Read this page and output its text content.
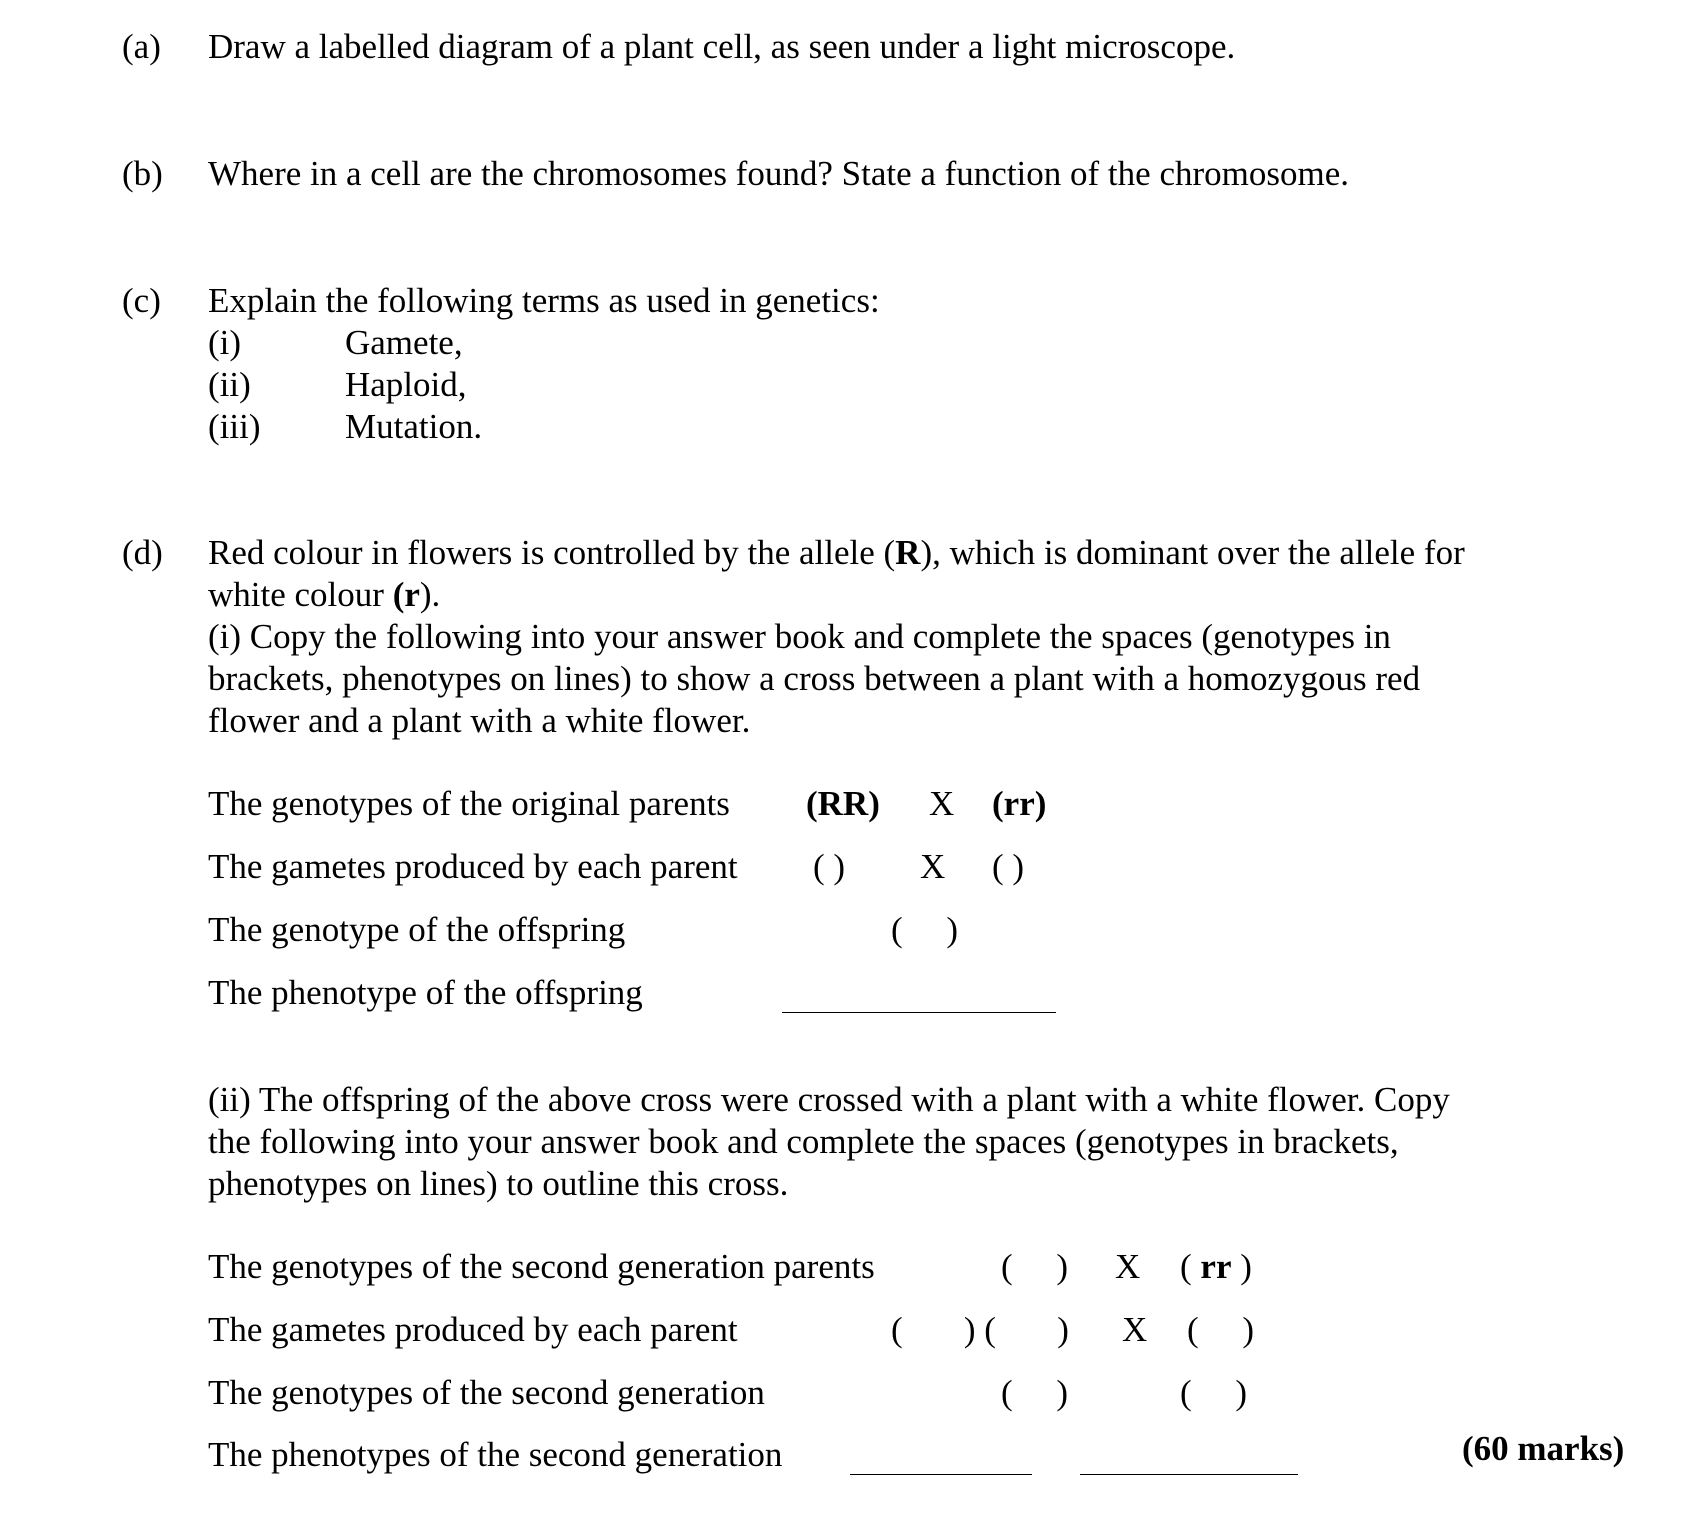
(a) Draw a labelled diagram of a plant cell, as seen under a light microscope.
(b) Where in a cell are the chromosomes found? State a function of the chromosome.
(c) Explain the following terms as used in genetics:
(i)	Gamete,
(ii)	Haploid,
(iii) Mutation.
(d) Red colour in flowers is controlled by the allele (R), which is dominant over the allele for
white colour (r).
(i) Copy the following into your answer book and complete the spaces (genotypes in
brackets, phenotypes on lines) to show a cross between a plant with a homozygous red
flower and a plant with a white flower.
The genotypes of the original parents (RR) X (rr)
The gametes produced by each parent ( ) X ( )
The genotype of the offspring	(     )
The phenotype of the offspring
(ii) The offspring of the above cross were crossed with a plant with a white flower. Copy
the following into your answer book and complete the spaces (genotypes in brackets,
phenotypes on lines) to outline this cross.
The genotypes of the second generation parents	(     ) X ( rr )
The gametes produced by each parent	(       ) (       ) X (     )
The genotypes of the second generation	(     )	(     )
The phenotypes of the second generation	(60 marks)
